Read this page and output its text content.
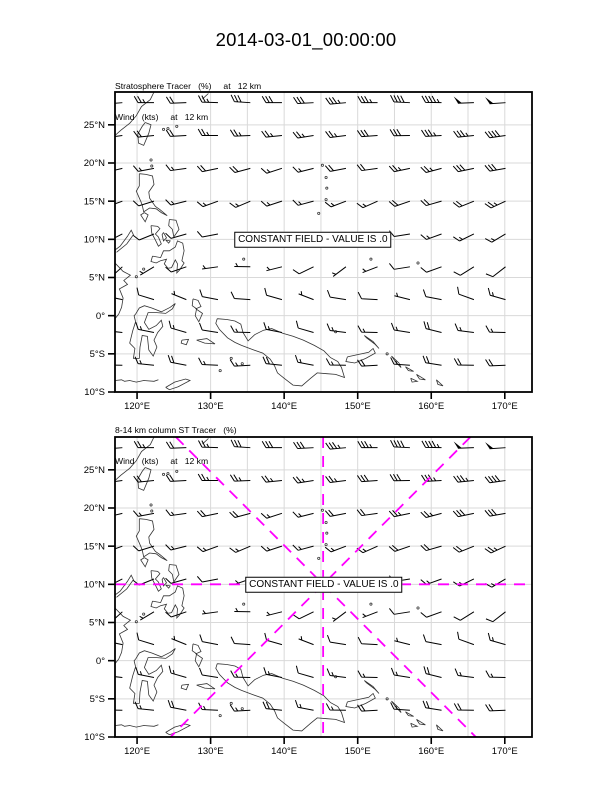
120°E	130°E	140°E	150°E	160°E	170°E
25°N
20°N
15°N
10°N
5°N
0°
5°S
10°S
120°E	130°E	140°E	150°E	160°E	170°E
25°N
20°N
15°N
10°N
5°N
0°
5°S
10°S
2014-03-01_00:00:00

Stratosphere Tracer   (%)     at   12 km

Wind   (kts)     at   12 km

8-14 km column ST Tracer   (%)

Wind   (kts)     at   12 km

CONSTANT FIELD - VALUE IS .0
CONSTANT FIELD - VALUE IS .0
